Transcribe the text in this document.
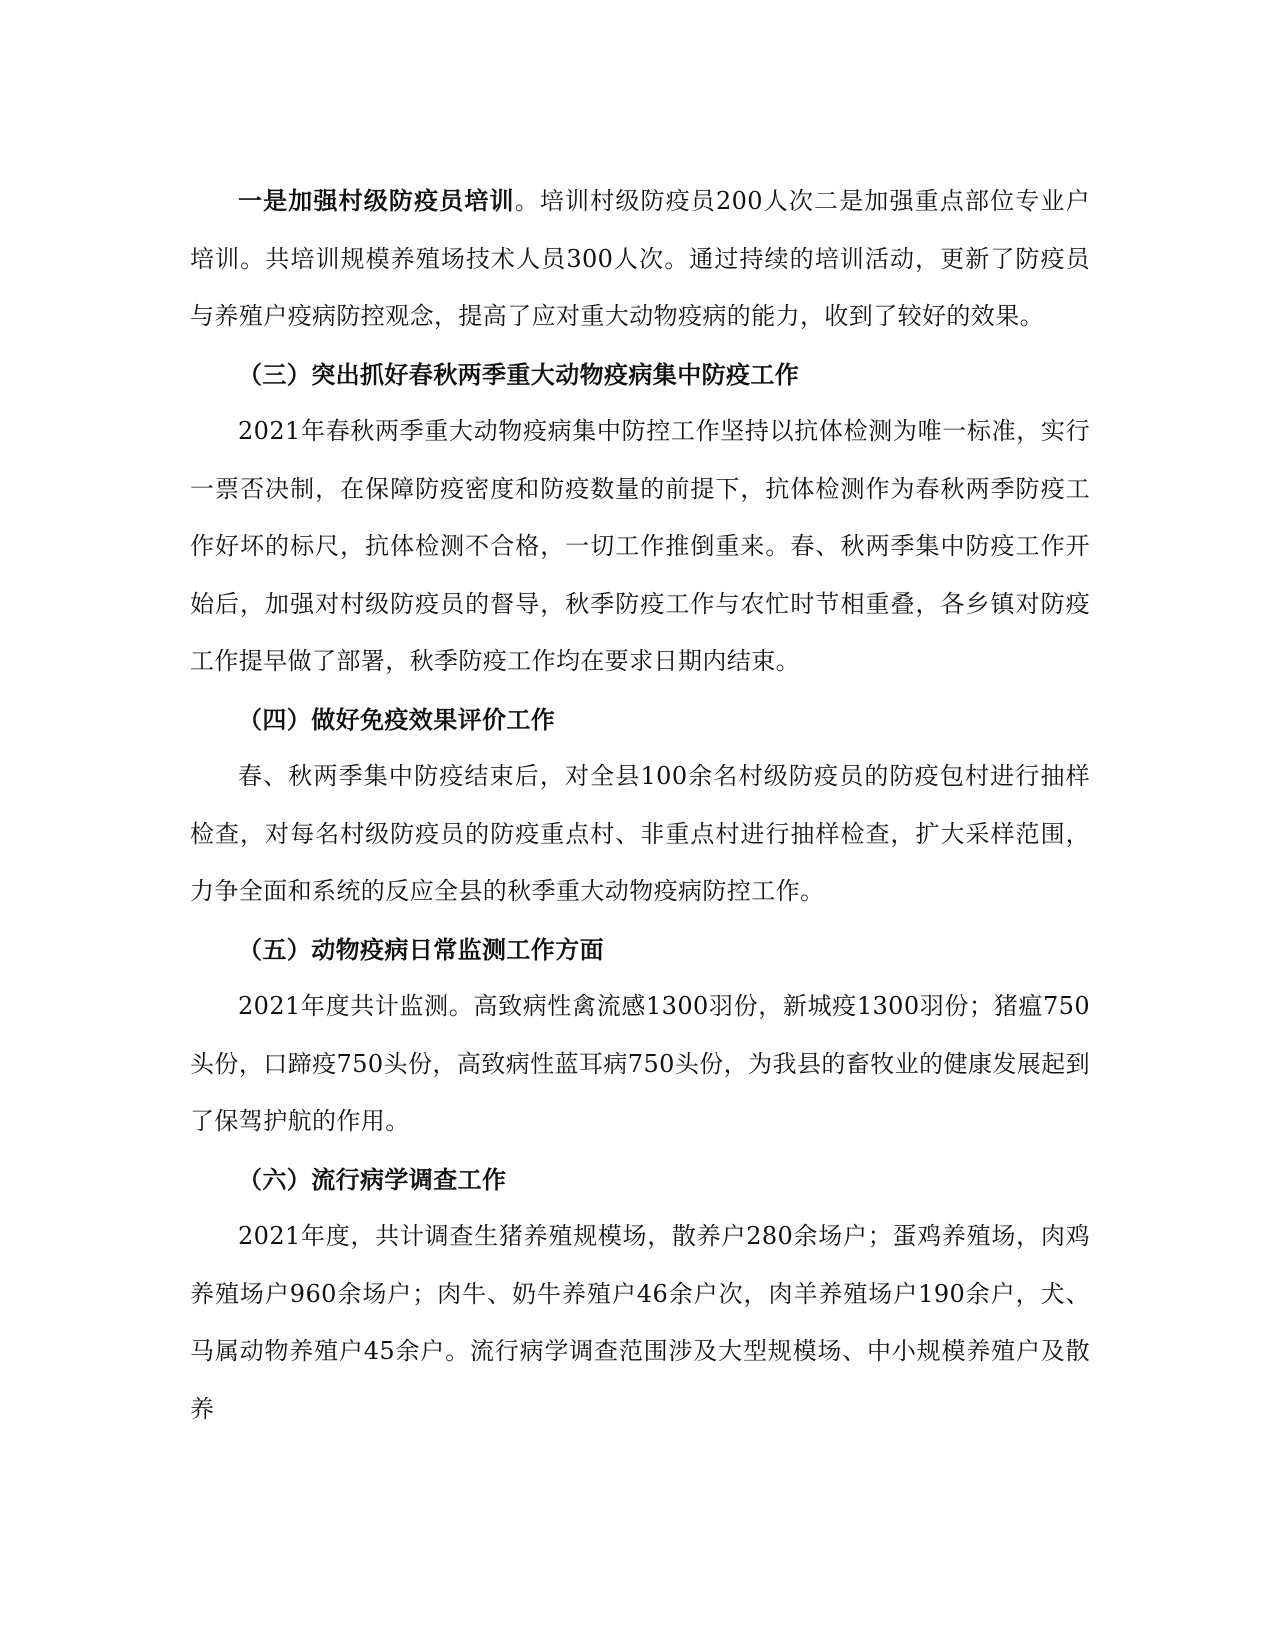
一是加强村级防疫员培训。培训村级防疫员200人次二是加强重点部位专业户培训。共培训规模养殖场技术人员300人次。通过持续的培训活动，更新了防疫员与养殖户疫病防控观念，提高了应对重大动物疫病的能力，收到了较好的效果。

（三）突出抓好春秋两季重大动物疫病集中防疫工作

2021年春秋两季重大动物疫病集中防控工作坚持以抗体检测为唯一标准，实行一票否决制，在保障防疫密度和防疫数量的前提下，抗体检测作为春秋两季防疫工作好坏的标尺，抗体检测不合格，一切工作推倒重来。春、秋两季集中防疫工作开始后，加强对村级防疫员的督导，秋季防疫工作与农忙时节相重叠，各乡镇对防疫工作提早做了部署，秋季防疫工作均在要求日期内结束。

（四）做好免疫效果评价工作

春、秋两季集中防疫结束后，对全县100余名村级防疫员的防疫包村进行抽样检查，对每名村级防疫员的防疫重点村、非重点村进行抽样检查，扩大采样范围，力争全面和系统的反应全县的秋季重大动物疫病防控工作。

（五）动物疫病日常监测工作方面

2021年度共计监测。高致病性禽流感1300羽份，新城疫1300羽份；猪瘟750头份，口蹄疫750头份，高致病性蓝耳病750头份，为我县的畜牧业的健康发展起到了保驾护航的作用。

（六）流行病学调查工作

2021年度，共计调查生猪养殖规模场，散养户280余场户；蛋鸡养殖场，肉鸡养殖场户960余场户；肉牛、奶牛养殖户46余户次，肉羊养殖场户190余户，犬、马属动物养殖户45余户。流行病学调查范围涉及大型规模场、中小规模养殖户及散养
